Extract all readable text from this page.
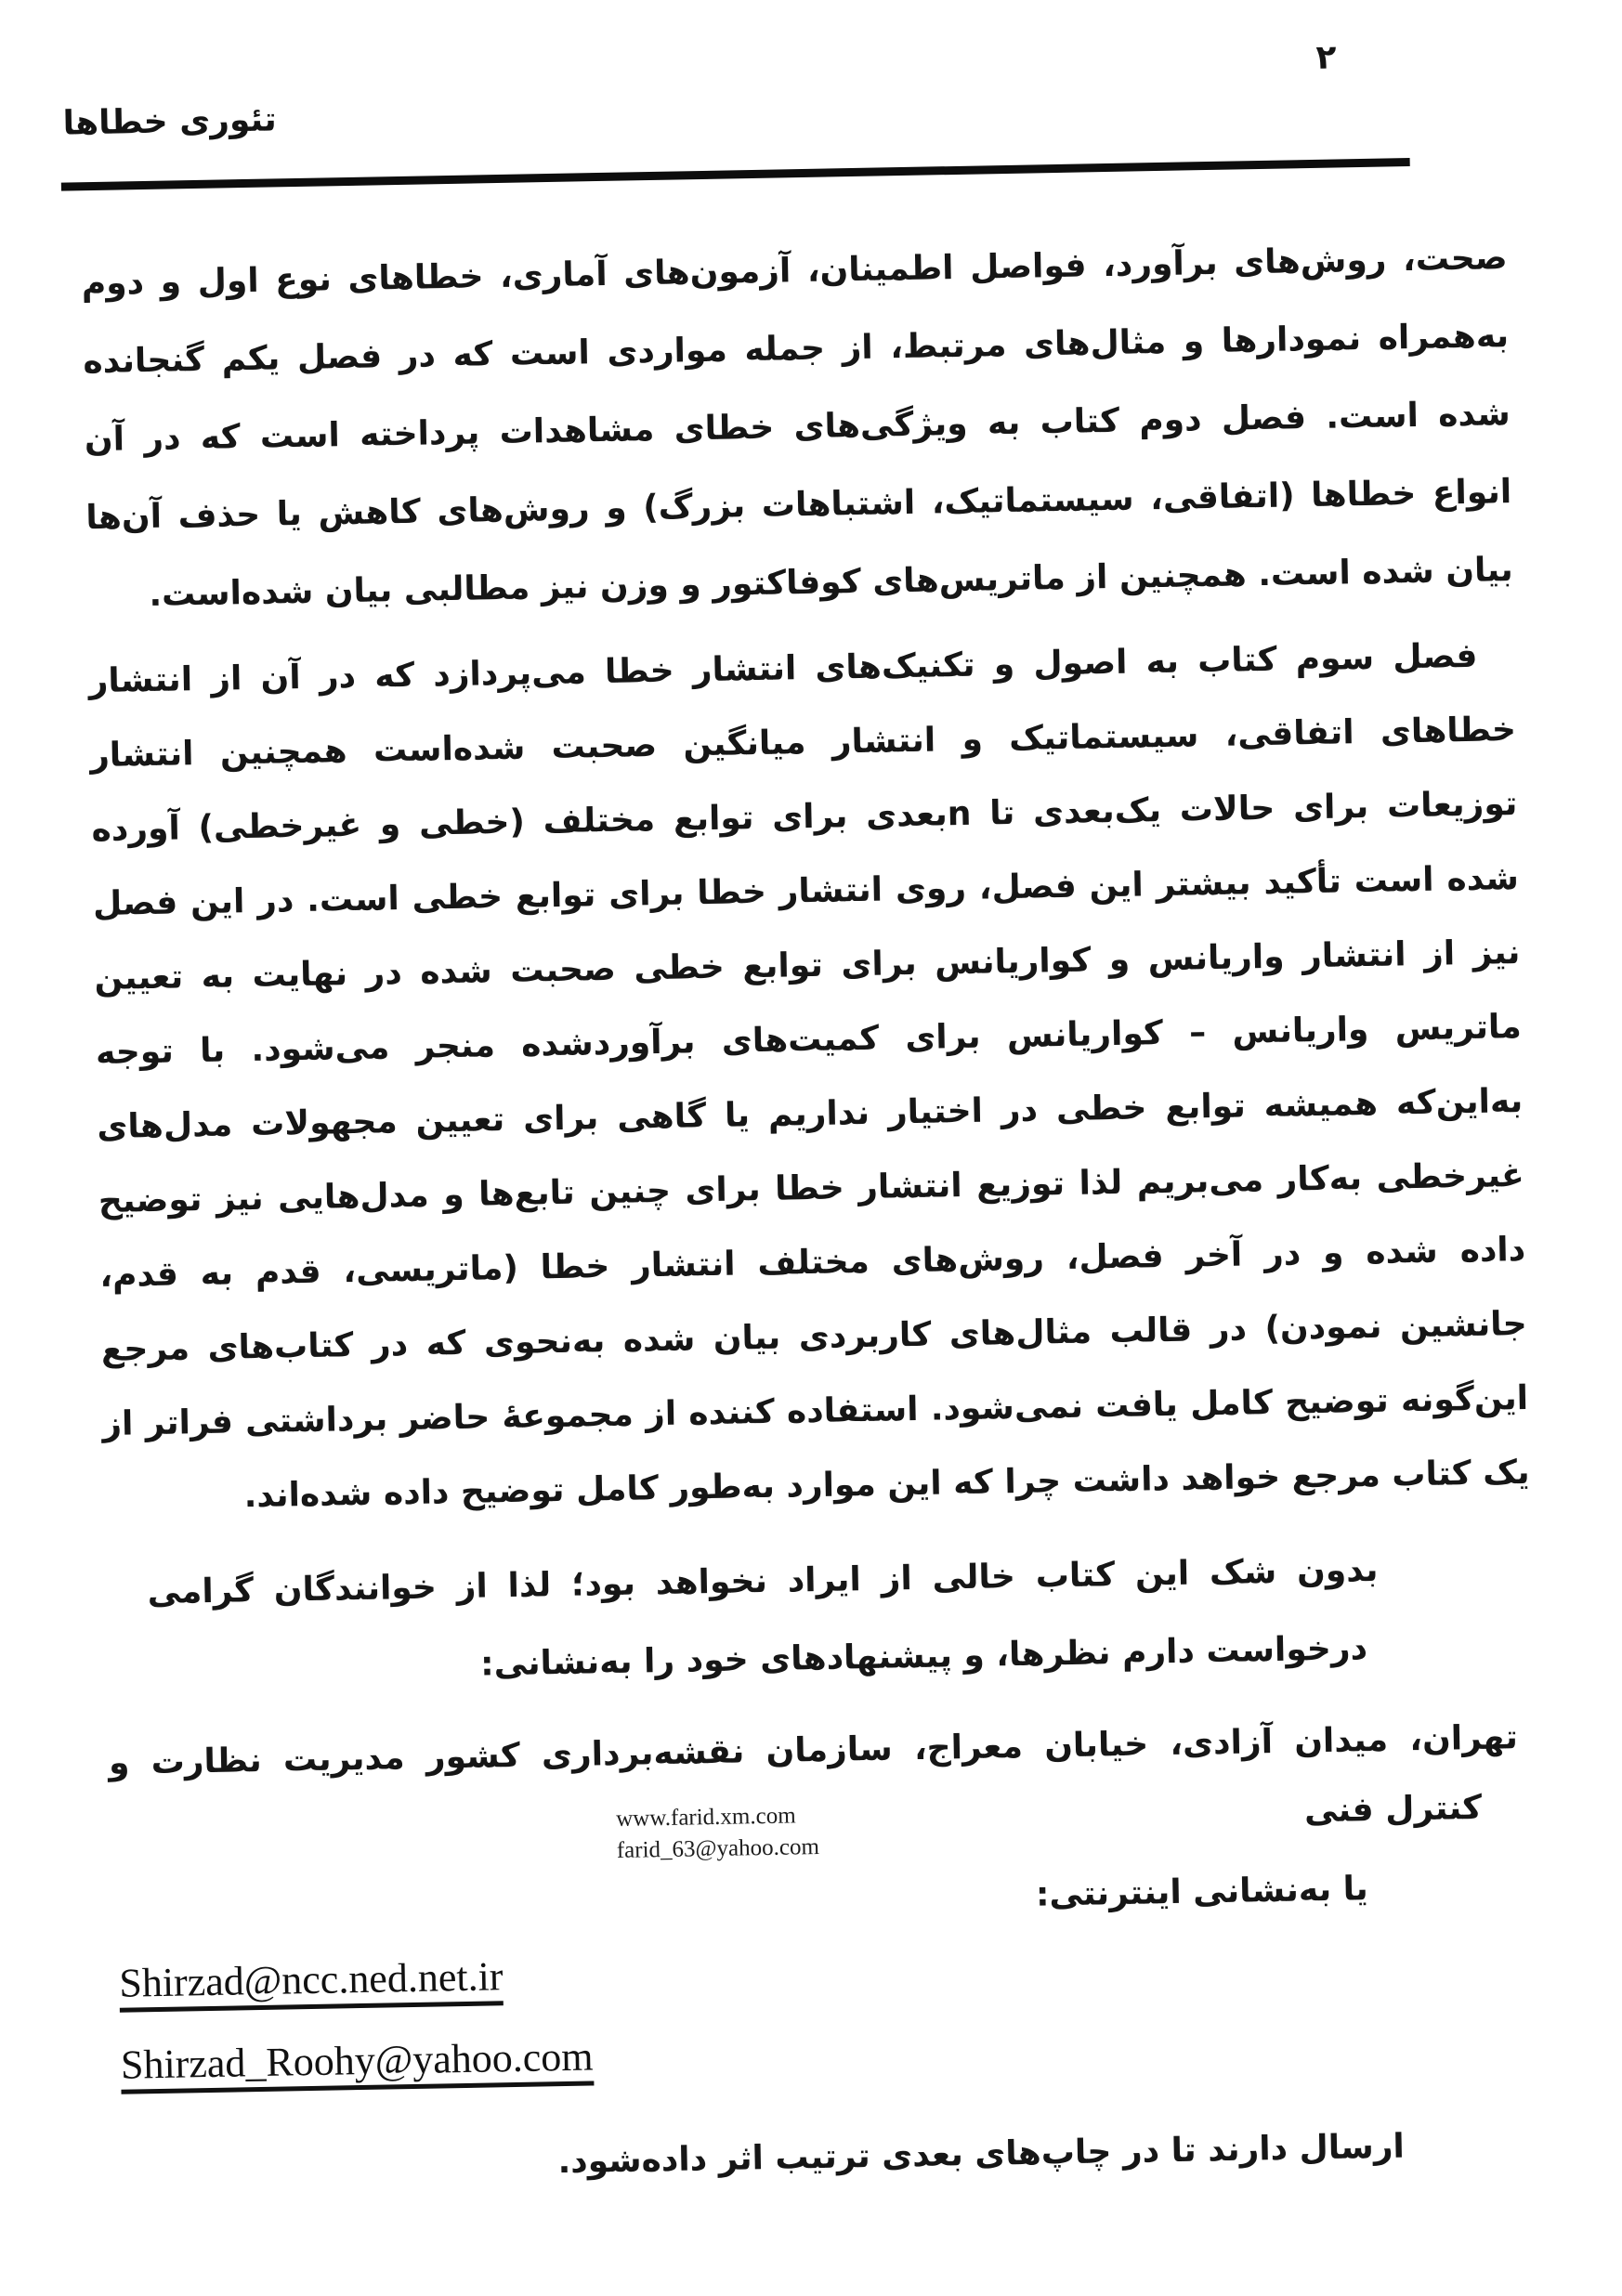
تئوری خطاها
۲
صحت، روش‌های برآورد، فواصل اطمینان، آزمون‌های آماری، خطاهای نوع اول و دوم
به‌همراه نمودارها و مثال‌های مرتبط، از جمله مواردی است که در فصل یکم گنجانده
شده است. فصل دوم کتاب به ویژگی‌های خطای مشاهدات پرداخته است که در آن
انواع خطاها (اتفاقی، سیستماتیک، اشتباهات بزرگ) و روش‌های کاهش یا حذف آن‌ها
بیان شده است. همچنین از ماتریس‌های کوفاکتور و وزن نیز مطالبی بیان شده‌است.
فصل سوم کتاب به اصول و تکنیک‌های انتشار خطا می‌پردازد که در آن از انتشار
خطاهای اتفاقی، سیستماتیک و انتشار میانگین صحبت شده‌است همچنین انتشار
توزیعات برای حالات یک‌بعدی تا nبعدی برای توابع مختلف (خطی و غیرخطی) آورده
شده است تأکید بیشتر این فصل، روی انتشار خطا برای توابع خطی است. در این فصل
نیز از انتشار واریانس و کواریانس برای توابع خطی صحبت شده در نهایت به تعیین
ماتریس واریانس – کواریانس برای کمیت‌های برآوردشده منجر می‌شود. با توجه
به‌این‌که همیشه توابع خطی در اختیار نداریم یا گاهی برای تعیین مجهولات مدل‌های
غیرخطی به‌کار می‌بریم لذا توزیع انتشار خطا برای چنین تابع‌ها و مدل‌هایی نیز توضیح
داده شده و در آخر فصل، روش‌های مختلف انتشار خطا (ماتریسی، قدم به قدم،
جانشین نمودن) در قالب مثال‌های کاربردی بیان شده به‌نحوی که در کتاب‌های مرجع
این‌گونه توضیح کامل یافت نمی‌شود. استفاده کننده از مجموعهٔ حاضر برداشتی فراتر از
یک کتاب مرجع خواهد داشت چرا که این موارد به‌طور کامل توضیح داده شده‌اند.
بدون شک این کتاب خالی از ایراد نخواهد بود؛ لذا از خوانندگان گرامی
درخواست دارم نظرها، و پیشنهادهای خود را به‌نشانی:
تهران، میدان آزادی، خیابان معراج، سازمان نقشه‌برداری کشور مدیریت نظارت و
کنترل فنی
www.farid.xm.com
farid_63@yahoo.com
یا به‌نشانی اینترنتی:
Shirzad@ncc.ned.net.ir
Shirzad_Roohy@yahoo.com
ارسال دارند تا در چاپ‌های بعدی ترتیب اثر داده‌شود.
